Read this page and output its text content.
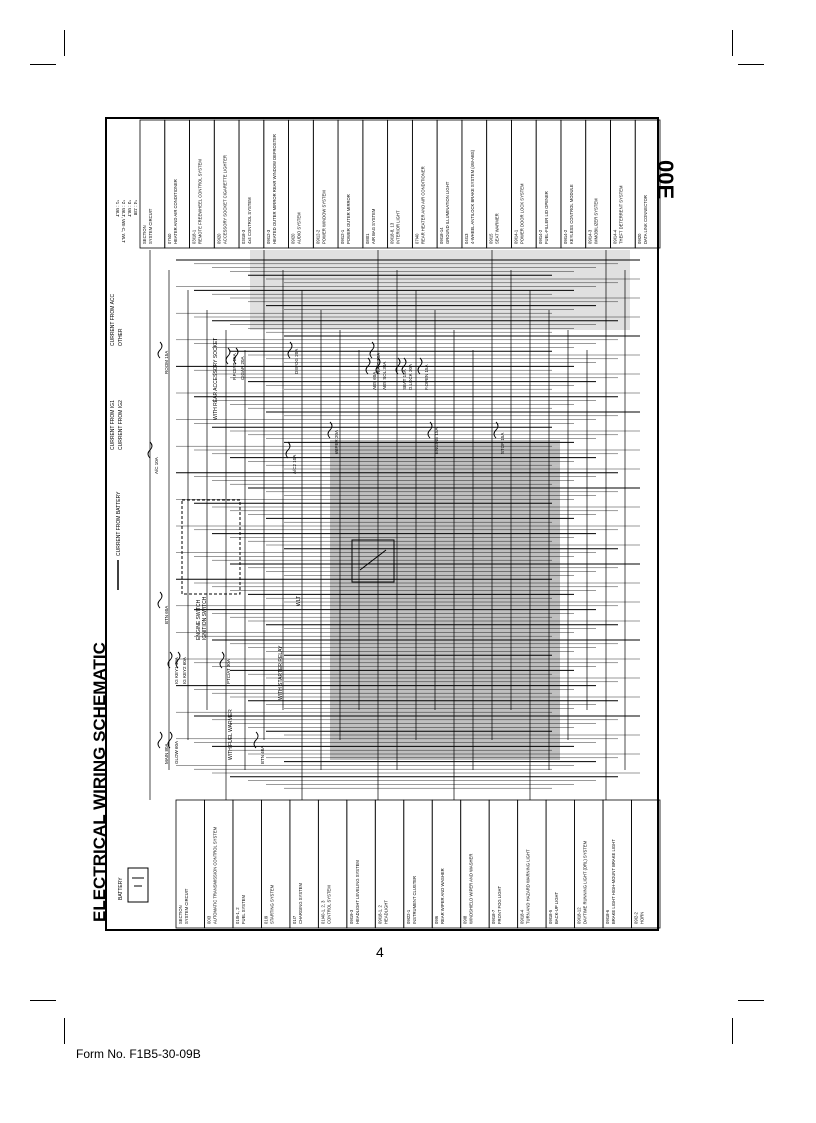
ELECTRICAL WIRING SCHEMATIC
00E
SECTION SYSTEM CIRCUIT	00I3 AUTOMATIC TRANSMISSION CONTROL SYSTEM	01I5-1, 2 FUEL SYSTEM	01I9 STARTING SYSTEM	01I7 CHARGING SYSTEM	01I40-1, 2, 3 CONTROL SYSTEM	09I19-3 HEADLIGHT LEVELING SYSTEM	09I18-1, 2 HEADLIGHT	09I22-1 INSTRUMENT CLUSTER	09I6 REAR WIPER AND WASHER	09I8 WINDSHIELD WIPER AND WASHER	09I18-7 FRONT FOG LIGHT	09I18-4 TURN AND HAZARD WARNING LIGHT	09I18-5 BACK-UP LIGHT	09I18-12 DAYTIME RUNNING LIGHT (DRL) SYSTEM	09I18-6 BRAKE LIGHT HIGH-MOUNT BRAKE LIGHT	09I2-2 HORN
SECTION SYSTEM CIRCUIT	07I40 HEATER AND AIR CONDITIONER	03I18-1 REMOTE FREEWHEEL CONTROL SYSTEM	09I20 ACCESSORY SOCKET CIGARETTE LIGHTER	03I18-3 4x4 CONTROL SYSTEM	09I12-3 HEATED OUTER MIRROR REAR WINDOW DEFROSTER	09I20 AUDIO SYSTEM	09I12-2 POWER WINDOW SYSTEM	09I12-1 POWER OUTER MIRROR	08I01 AIR BAG SYSTEM	09I18-8, 13 INTERIOR LIGHT	07I40 REAR HEATER AND AIR CONDITIONER	09I18-14 GROUND ILLUMINATION LIGHT	04I13 4-WHEEL ANTILOCK BRAKE SYSTEM (4W-ABS)	09I15 SEAT WARMER	09I14-1 POWER DOOR LOCK SYSTEM	09I14-2 FUEL-FILLER LID OPENER	09I14-2 KEYLESS CONTROL MODULE	09I14-3 IMMOBILIZER SYSTEM	09I14-4 THEFT DETERRENT SYSTEM	09I20 DATA LINK CONNECTOR
MAIN 80A GLOW 60A
BTN 60A
IG KEY2 60A
IG KEY1 40A	PTC/AT 30A
BTN 40A
A/C 10A	A/C2 10A
WIPER 20A	ENGINE 15A
ROOM 15A	DEFOG 20A
P.POINT 15A CIGAR 20A	R.A/C 20A
ABS 60A ABS SOL 30A	SEAT 15A D.LOCK 30A F.OPEN 15A
STOP 15A
BATTERY
ENGINE SWITCH IGNITION SWITCH
CURRENT FROM BATTERY
CURRENT FROM IG1 CURRENT FROM IG2
CURRENT FROM ACC OTHER
*1 : WLT *2 : WLT, WE-C, WLT *3 : WLT *4 : J38
WITH FUEL WARMER
WITH REAR ACCESSORY SOCKET
WITH STARTER RELAY
WLT
4
Form No. F1B5-30-09B
